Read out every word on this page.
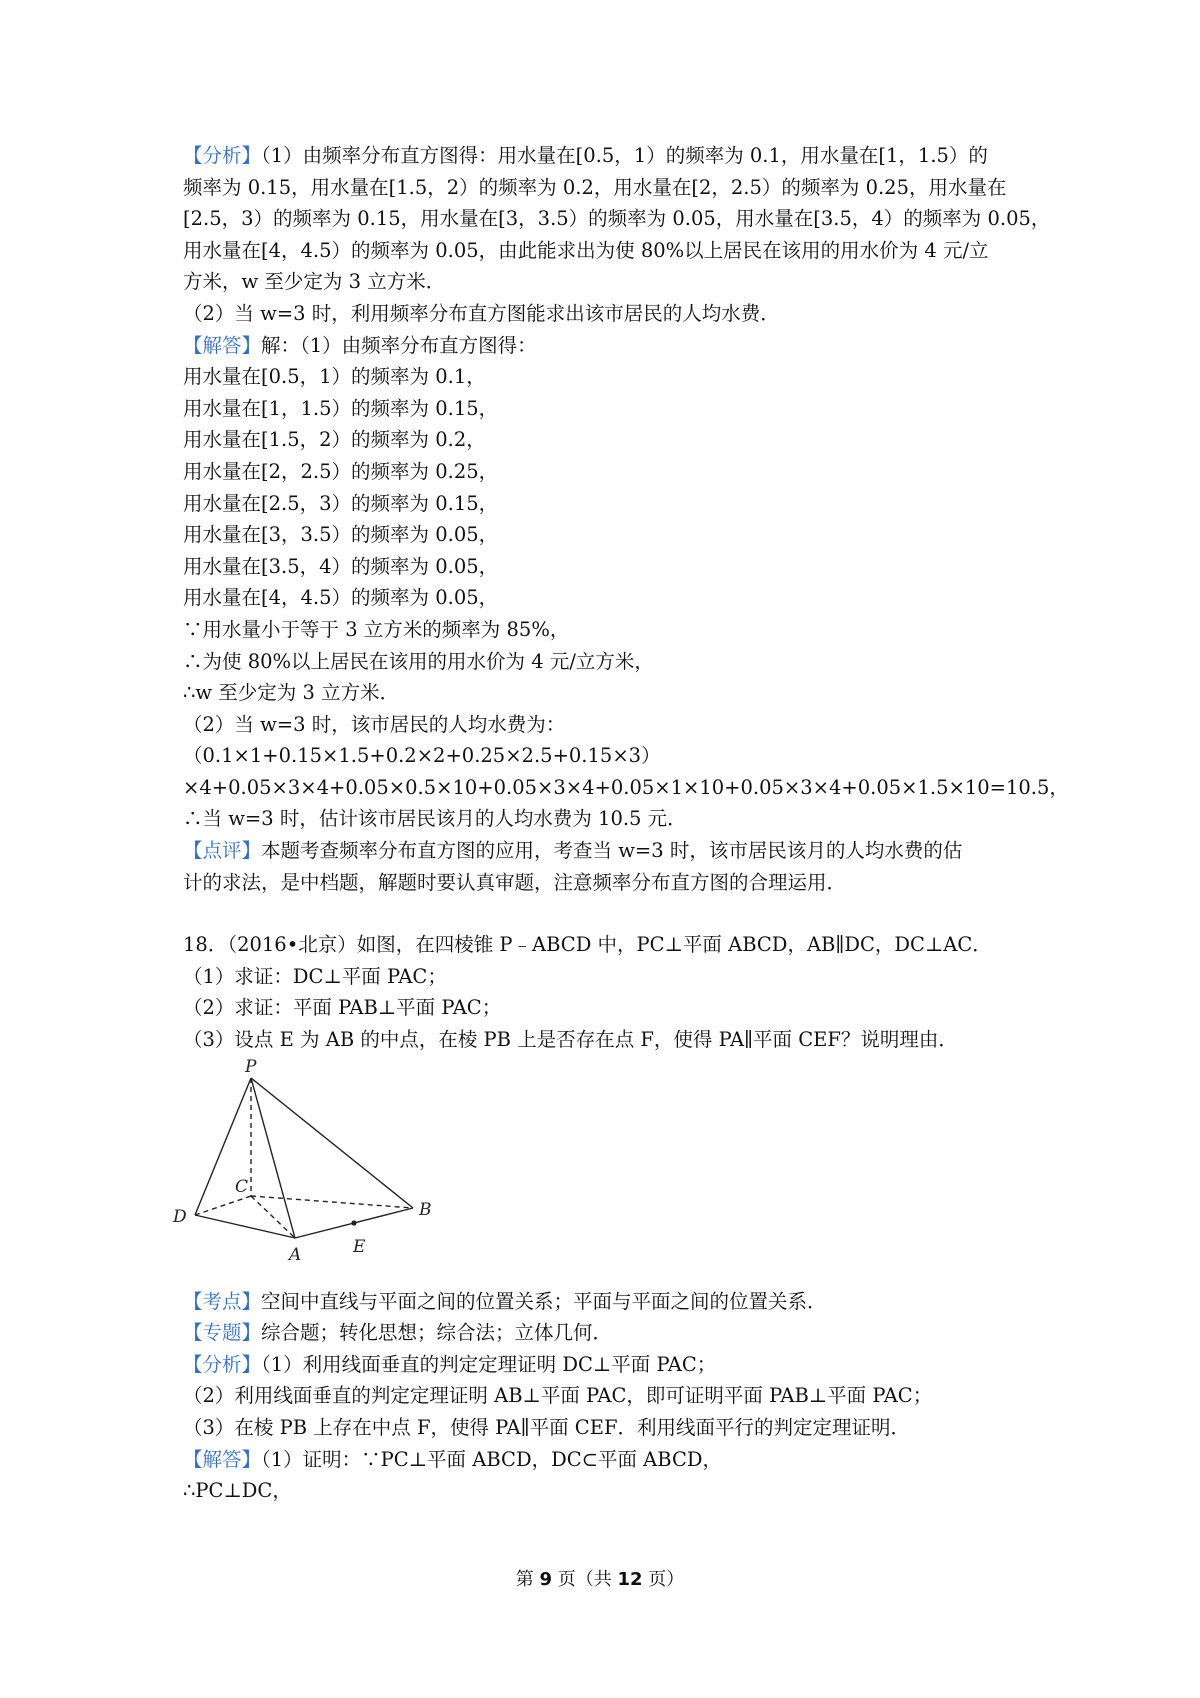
【分析】（1）由频率分布直方图得：用水量在[0.5，1）的频率为 0.1，用水量在[1，1.5）的
频率为 0.15，用水量在[1.5，2）的频率为 0.2，用水量在[2，2.5）的频率为 0.25，用水量在
[2.5，3）的频率为 0.15，用水量在[3，3.5）的频率为 0.05，用水量在[3.5，4）的频率为 0.05，
用水量在[4，4.5）的频率为 0.05，由此能求出为使 80%以上居民在该用的用水价为 4 元/立
方米，w 至少定为 3 立方米．
（2）当 w=3 时，利用频率分布直方图能求出该市居民的人均水费．
【解答】解：（1）由频率分布直方图得：
用水量在[0.5，1）的频率为 0.1，
用水量在[1，1.5）的频率为 0.15，
用水量在[1.5，2）的频率为 0.2，
用水量在[2，2.5）的频率为 0.25，
用水量在[2.5，3）的频率为 0.15，
用水量在[3，3.5）的频率为 0.05，
用水量在[3.5，4）的频率为 0.05，
用水量在[4，4.5）的频率为 0.05，
∵用水量小于等于 3 立方米的频率为 85%，
∴为使 80%以上居民在该用的用水价为 4 元/立方米，
∴w 至少定为 3 立方米．
（2）当 w=3 时，该市居民的人均水费为：
（0.1×1+0.15×1.5+0.2×2+0.25×2.5+0.15×3）
×4+0.05×3×4+0.05×0.5×10+0.05×3×4+0.05×1×10+0.05×3×4+0.05×1.5×10=10.5，
∴当 w=3 时，估计该市居民该月的人均水费为 10.5 元．
【点评】本题考查频率分布直方图的应用，考查当 w=3 时，该市居民该月的人均水费的估
计的求法，是中档题，解题时要认真审题，注意频率分布直方图的合理运用．
18．（2016•北京）如图，在四棱锥 P﹣ABCD 中，PC⊥平面 ABCD，AB∥DC，DC⊥AC．
（1）求证：DC⊥平面 PAC；
（2）求证：平面 PAB⊥平面 PAC；
（3）设点 E 为 AB 的中点，在棱 PB 上是否存在点 F，使得 PA∥平面 CEF？说明理由．
P
C
D	B
A	E
【考点】空间中直线与平面之间的位置关系；平面与平面之间的位置关系．
【专题】综合题；转化思想；综合法；立体几何．
【分析】（1）利用线面垂直的判定定理证明 DC⊥平面 PAC；
（2）利用线面垂直的判定定理证明 AB⊥平面 PAC，即可证明平面 PAB⊥平面 PAC；
（3）在棱 PB 上存在中点 F，使得 PA∥平面 CEF．利用线面平行的判定定理证明．
【解答】（1）证明：∵PC⊥平面 ABCD，DC⊂平面 ABCD，
∴PC⊥DC，
第 9 页（共 12 页）
